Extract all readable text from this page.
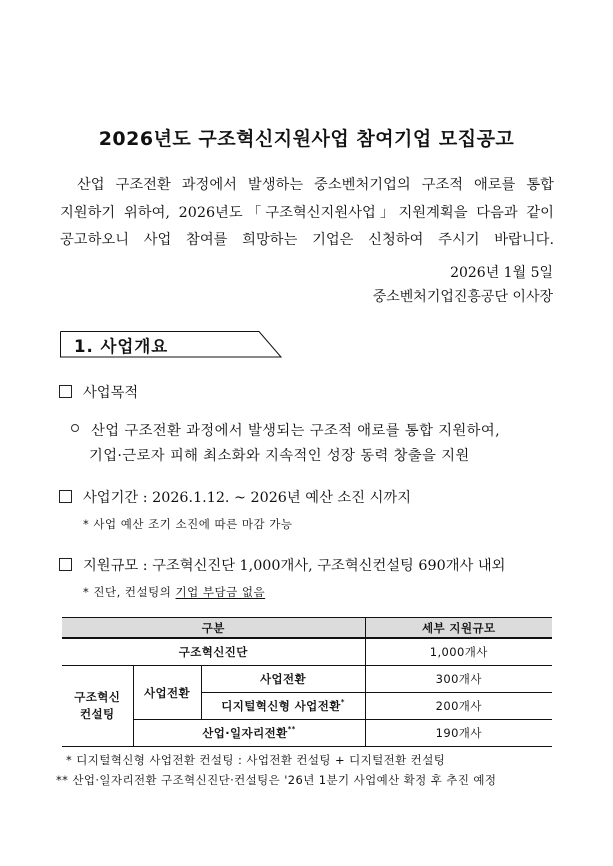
2026년도 구조혁신지원사업 참여기업 모집공고
산업 구조전환 과정에서 발생하는 중소벤처기업의 구조적 애로를 통합
지원하기 위하여, 2026년도「구조혁신지원사업」지원계획을 다음과 같이
공고하오니 사업 참여를 희망하는 기업은 신청하여 주시기 바랍니다.
2026년 1월 5일
중소벤처기업진흥공단 이사장
1. 사업개요
사업목적
산업 구조전환 과정에서 발생되는 구조적 애로를 통합 지원하여,
기업·근로자 피해 최소화와 지속적인 성장 동력 창출을 지원
사업기간 : 2026.1.12. ~ 2026년 예산 소진 시까지
* 사업 예산 조기 소진에 따른 마감 가능
지원규모 : 구조혁신진단 1,000개사, 구조혁신컨설팅 690개사 내외
* 진단, 컨설팅의 기업 부담금 없음
구분			세부 지원규모
구조혁신진단			1,000개사
구조혁신 컨설팅	사업전환	사업전환	300개사
		디지털혁신형 사업전환*	200개사
	산업·일자리전환**		190개사
* 디지털혁신형 사업전환 컨설팅 : 사업전환 컨설팅 + 디지털전환 컨설팅
** 산업·일자리전환 구조혁신진단·컨설팅은 '26년 1분기 사업예산 확정 후 추진 예정
